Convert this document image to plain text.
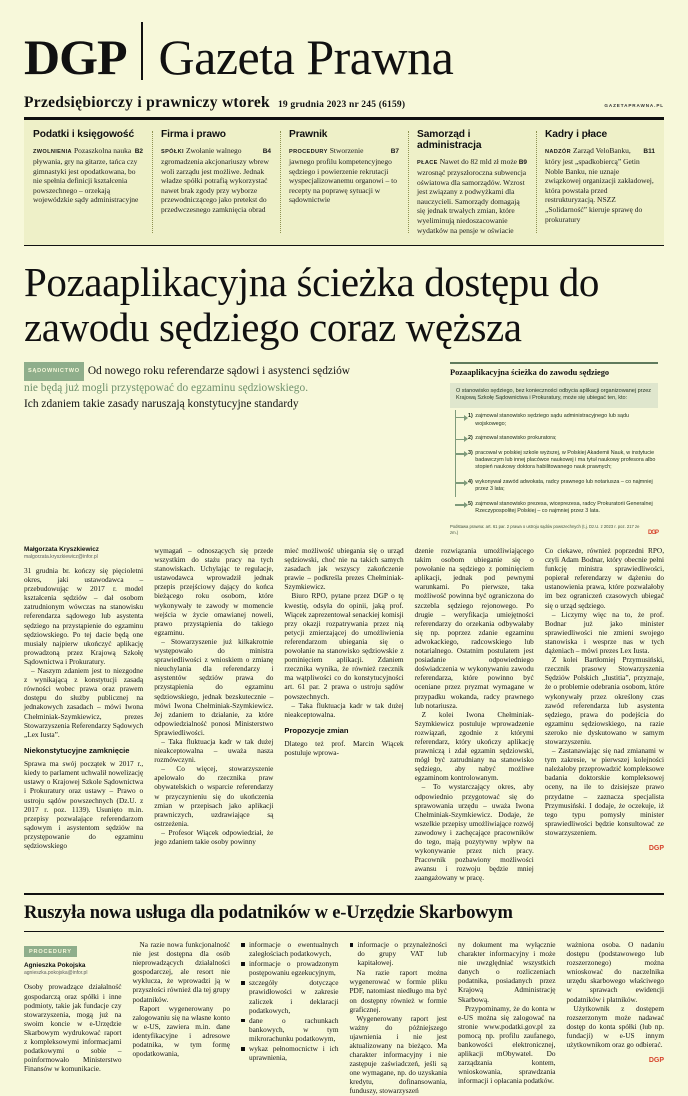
DGP Gazeta Prawna
Przedsiębiorczy i prawniczy wtorek 19 grudnia 2023 nr 245 (6159)	GAZETAPRAWNA.PL
Podatki i księgowość
ZWOLNIENIA	B2
Pozaszkolna nauka pływania, gry na gitarze, tańca czy gimnastyki jest opodatkowana, bo nie spełnia definicji kształcenia powszechnego – orzekają wojewódzkie sądy administracyjne
Firma i prawo
SPÓŁKI	B4
Zwołanie walnego zgromadzenia akcjonariuszy wbrew woli zarządu jest możliwe. Jednak władze spółki potrafią wykorzystać nawet brak zgody przy wyborze przewodniczącego jako pretekst do przedwczesnego zamknięcia obrad
Prawnik
PROCEDURY	B7
Stworzenie jawnego profilu kompetencyjnego sędziego i powierzenie rekrutacji wyspecjalizowanemu organowi – to recepty na poprawę sytuacji w sądownictwie
Samorząd i administracja
PŁACE	B9
Nawet do 82 mld zł może wzrosnąć przyszłoroczna subwencja oświatowa dla samorządów. Wzrost jest związany z podwyżkami dla nauczycieli. Samorządy domagają się jednak trwałych zmian, które wyeliminują niedoszacowanie wydatków na pensje w oświacie
Kadry i płace
NADZÓR	B11
Zarząd VeloBanku, który jest „spadkobiercą” Getin Noble Banku, nie uznaje związkowej organizacji zakładowej, która powstała przed restrukturyzacją. NSZZ „Solidarność” kieruje sprawę do prokuratury
Pozaaplikacyjna ścieżka dostępu do zawodu sędziego coraz węższa

SĄDOWNICTWO Od nowego roku referendarze sądowi i asystenci sędziów

nie będą już mogli przystępować do egzaminu sędziowskiego.

Ich zdaniem takie zasady naruszają konstytucyjne standardy

Pozaaplikacyjna ścieżka do zawodu sędziego
O stanowisko sędziego, bez konieczności odbycia aplikacji organizowanej przez Krajową Szkołę Sądownictwa i Prokuratury, może się ubiegać ten, kto:
1) zajmował stanowisko sędziego sądu administracyjnego lub sądu wojskowego;
2) zajmował stanowisko prokuratora;
3) pracował w polskiej szkole wyższej, w Polskiej Akademii Nauk, w instytucie badawczym lub innej placówce naukowej i ma tytuł naukowy profesora albo stopień naukowy doktora habilitowanego nauk prawnych;
4) wykonywał zawód adwokata, radcy prawnego lub notariusza – co najmniej przez 3 lata;
5) zajmował stanowisko prezesa, wiceprezesa, radcy Prokuratorii Generalnej Rzeczypospolitej Polskiej – co najmniej przez 3 lata.
Podstawa prawna: art. 61 par. 2 prawa o ustroju sądów powszechnych (t.j. Dz.U. z 2023 r. poz. 217 ze zm.)	DGP
Małgorzata Kryszkiewicz
malgorzata.kryszkiewicz@infor.pl

31 grudnia br. kończy się pięcioletni okres, jaki ustawodawca – przebudowując w 2017 r. model kształcenia sędziów – dał osobom zatrudnionym wówczas na stanowisku referendarza sądowego lub asystenta sędziego na przystąpienie do egzaminu sędziowskiego. Po tej dacie będą one musiały najpierw ukończyć aplikację prowadzoną przez Krajową Szkołę Sądownictwa i Prokuratury.

– Naszym zdaniem jest to niezgodne z wynikającą z konstytucji zasadą równości wobec prawa oraz prawem dostępu do służby publicznej na jednakowych zasadach – mówi Iwona Chełminiak-Szymkiewicz, prezes Stowarzyszenia Referendarzy Sądowych „Lex Iusta”.

Niekonstytucyjne zamknięcie

Sprawa ma swój początek w 2017 r., kiedy to parlament uchwalił nowelizację ustawy o Krajowej Szkole Sądownictwa i Prokuratury oraz ustawy – Prawo o ustroju sądów powszechnych (Dz.U. z 2017 r. poz. 1139). Usunięto m.in. przepisy pozwalające referendarzom sądowym i asystentom sędziów na przystępowanie do egzaminu sędziowskiego

wymagań – odnoszących się przede wszystkim do stażu pracy na tych stanowiskach. Uchylając te regulacje, ustawodawca wprowadził jednak przepis przejściowy dający do końca bieżącego roku osobom, które wykonywały te zawody w momencie wejścia w życie omawianej noweli, prawo przystąpienia do takiego egzaminu.

– Stowarzyszenie już kilkakrotnie występowało do ministra sprawiedliwości z wnioskiem o zmianę nieuchylania dla referendarzy i asystentów sędziów prawa do przystąpienia do egzaminu sędziowskiego, jednak bezskutecznie – mówi Iwona Chełminiak-Szymkiewicz. Jej zdaniem to działanie, za które odpowiedzialność ponosi Ministerstwo Sprawiedliwości.

– Taka fluktuacja kadr w tak dużej nieakceptowalna – uważa nasza rozmówczyni.

– Co więcej, stowarzyszenie apelowało do rzecznika praw obywatelskich o wsparcie referendarzy w przyczynieniu się do ukończenia zmian w przepisach jako aplikacji prawniczych, uzdrawiające są ostrzeżenia.

– Profesor Wiącek odpowiedział, że jego zdaniem takie osoby powinny

mieć możliwość ubiegania się o urząd sędziowski, choć nie na takich samych zasadach jak wszyscy zakończenie prawie – podkreśla prezes Chełminiak-Szymkiewicz.

Biuro RPO, pytane przez DGP o tę kwestię, odsyła do opinii, jaką prof. Wiącek zaprezentował senackiej komisji przy okazji rozpatrywania przez nią petycji zmierzającej do umożliwienia referendarzom ubiegania się o powołanie na stanowisko sędziowskie z pominięciem aplikacji. Zdaniem rzecznika wynika, że również rzecznik ma wątpliwości co do konstytucyjności art. 61 par. 2 prawa o ustroju sądów powszechnych.

– Taka fluktuacja kadr w tak dużej nieakceptowalna.

Propozycje zmian

Dlatego też prof. Marcin Wiącek postuluje wprowa-

dzenie rozwiązania umożliwiającego takim osobom ubieganie się o powołanie na sędziego z pominięciem aplikacji, jednak pod pewnymi warunkami. Po pierwsze, taka możliwość powinna być ograniczona do szczebla sędziego rejonowego. Po drugie – weryfikacja umiejętności referendarzy do orzekania odbywałaby się np. poprzez zdanie egzaminu adwokackiego, radcowskiego lub notarialnego. Ostatnim postulatem jest posiadanie odpowiedniego doświadczenia w wykonywaniu zawodu referendarza, które powinno być oceniane przez pryzmat wymagane w przypadku wokanda, radcy prawnego lub notariusza.

Z kolei Iwona Chełminiak-Szymkiewicz postuluje wprowadzenie rozwiązań, zgodnie z którymi referendarz, który ukończy aplikację prawniczą i zdał egzamin sędziowski, mógł być zatrudniany na stanowisko sędziego, aby nabyć możliwe egzaminom kontrolowanym.

– To wystarczający okres, aby odpowiednio przygotować się do sprawowania urzędu – uważa Iwona Chełminiak-Szymkiewicz. Dodaje, że wszelkie przepisy umożliwiające rozwój zawodowy i zachęcające pracowników do tego, mają pozytywny wpływ na wykonywanie przez nich pracy. Pracownik pozbawiony możliwości awansu i rozwoju będzie mniej zaangażowany w pracę.

Co ciekawe, również poprzedni RPO, czyli Adam Bodnar, który obecnie pełni funkcję ministra sprawiedliwości, popierał referendarzy w dążeniu do ustanowienia prawa, które pozwalałoby im bez ograniczeń czasowych ubiegać się o urząd sędziego.

– Liczymy więc na to, że prof. Bodnar już jako minister sprawiedliwości nie zmieni swojego stanowiska i wesprze nas w tych dążeniach – mówi prezes Lex Iusta.

Z kolei Bartłomiej Przymusiński, rzecznik prasowy Stowarzyszenia Sędziów Polskich „Iustitia”, przyznaje, że o problemie odebrania osobom, które wykonywały przez określony czas zawód referendarza lub asystenta sędziego, prawa do podejścia do egzaminu sędziowskiego, na razie szeroko nie dyskutowano w samym stowarzyszeniu.

– Zastanawiając się nad zmianami w tym zakresie, w pierwszej kolejności należałoby przeprowadzić kompleksowe badania doktorskie kompleksowej oceny, na ile to dzisiejsze prawo przydatne – zaznacza specjalista Przymusiński. I dodaje, że oczekuje, iż tego typu pomysły minister sprawiedliwości będzie konsultować ze stowarzyszeniem.

DGP
Ruszyła nowa usługa dla podatników w e-Urzędzie Skarbowym
PROCEDURY
Agnieszka Pokojska
agnieszka.pokojska@infor.pl

Osoby prowadzące działalność gospodarczą oraz spółki i inne podmioty, takie jak fundacje czy stowarzyszenia, mogą już na swoim koncie w e-Urzędzie Skarbowym wydrukować raport z kompleksowymi informacjami podatkowymi o sobie – poinformowało Ministerstwo Finansów w komunikacie.

Na razie nowa funkcjonalność nie jest dostępna dla osób nieprowadzących działalności gospodarczej, ale resort nie wyklucza, że wprowadzi ją w przyszłości również dla tej grupy podatników.

Raport wygenerowany po zalogowaniu się na własne konto w e-US, zawiera m.in. dane identyfikacyjne i adresowe podatnika, w tym formę opodatkowania,

informacje o ewentualnych zaległościach podatkowych,
informacje o prowadzonym postępowaniu egzekucyjnym,
szczegóły dotyczące prawidłowości w zakresie zaliczek i deklaracji podatkowych,
dane o rachunkach bankowych, w tym mikrorachunku podatkowym,
wykaz pełnomocnictw i ich uprawnienia,
informacje o przynależności do grupy VAT lub kapitałowej.

Na razie raport można wygenerować w formie pliku PDF, natomiast niedługo ma być on dostępny również w formie graficznej.

Wygenerowany raport jest ważny do późniejszego ujawnienia i nie jest aktualizowany na bieżąco. Ma charakter informacyjny i nie zastępuje zaświadczeń, jeśli są one wymagane, np. do uzyskania kredytu, dofinansowania, funduszy, stowarzyszeń

ny dokument ma wyłącznie charakter informacyjny i może nie uwzględniać wszystkich danych o rozliczeniach podatnika, posiadanych przez Krajową Administrację Skarbową.

Przypominamy, że do konta w e-US można się zalogować na stronie www.podatki.gov.pl za pomocą np. profilu zaufanego, bankowości elektronicznej, aplikacji mObywatel. Do zarządzania kontem, wnioskowania, sprawdzania informacji i opłacania podatków.

ważniona osoba. O nadaniu dostępu (podstawowego lub rozszerzonego) można wnioskować do naczelnika urzędu skarbowego właściwego w sprawach ewidencji podatników i płatników.

Użytkownik z dostępem rozszerzonym może nadawać dostęp do konta spółki (lub np. fundacji) w e-US innym użytkownikom oraz go odbierać.

DGP
